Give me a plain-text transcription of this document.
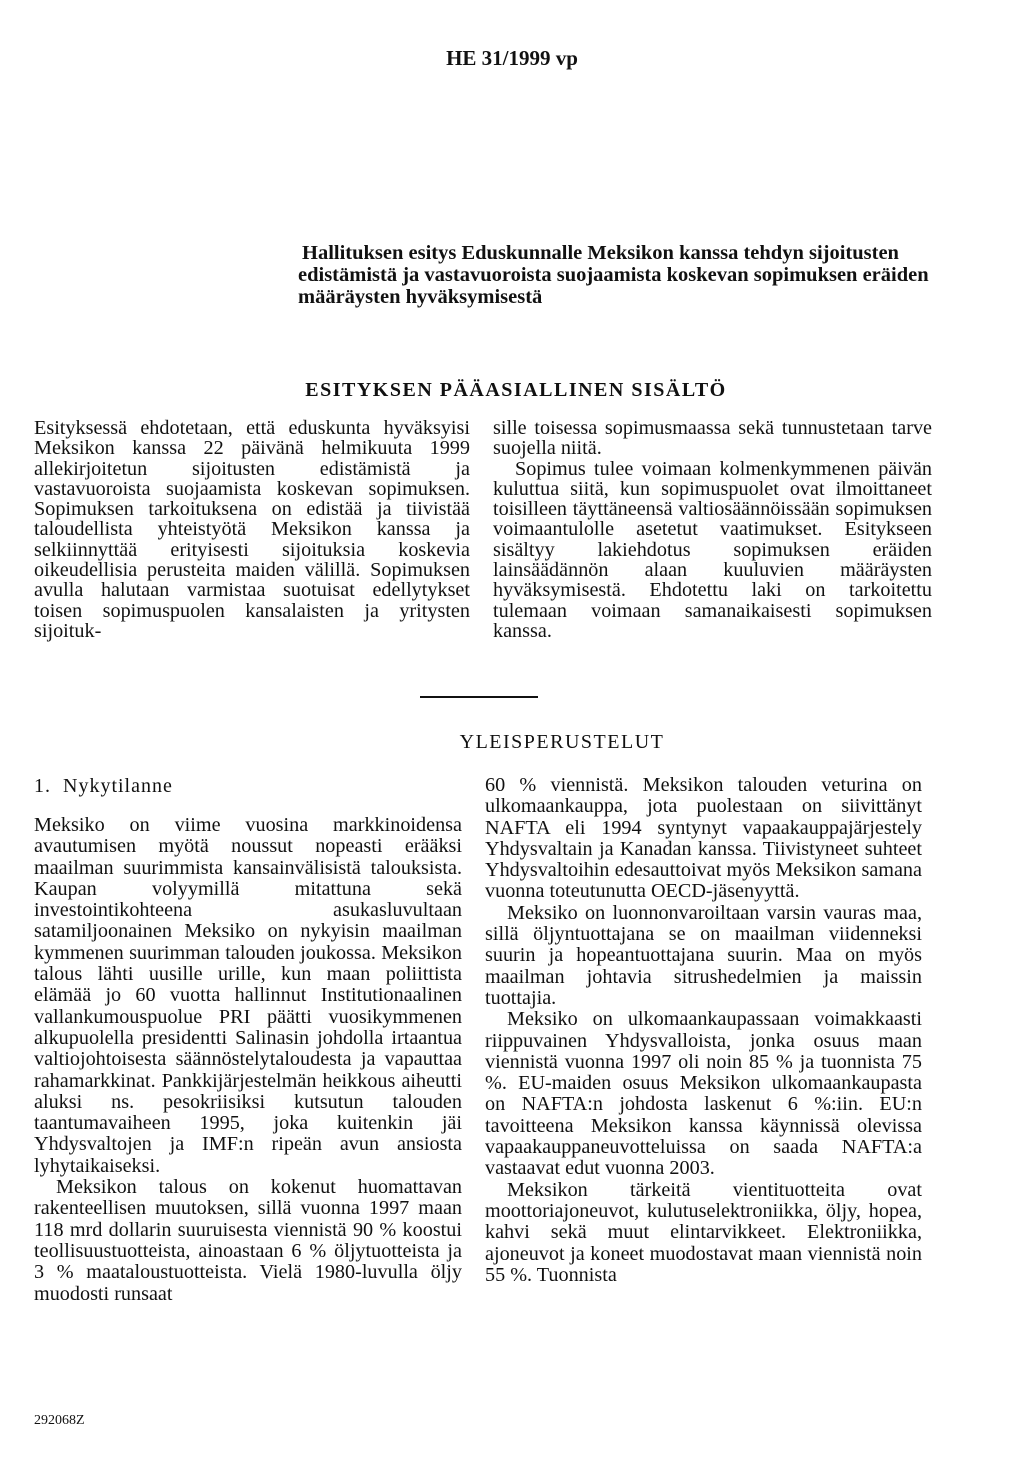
HE 31/1999 vp
Hallituksen esitys Eduskunnalle Meksikon kanssa tehdyn sijoitusten edistämistä ja vastavuoroista suojaamista koskevan sopimuksen eräiden määräysten hyväksymisestä
ESITYKSEN PÄÄASIALLINEN SISÄLTÖ

Esityksessä ehdotetaan, että eduskunta hyväksyisi Meksikon kanssa 22 päivänä helmikuuta 1999 allekirjoitetun sijoitusten edistämistä ja vastavuoroista suojaamista koskevan sopimuksen. Sopimuksen tarkoituksena on edistää ja tiivistää taloudellista yhteistyötä Meksikon kanssa ja selkiinnyttää erityisesti sijoituksia koskevia oikeudellisia perusteita maiden välillä. Sopimuksen avulla halutaan varmistaa suotuisat edellytykset toisen sopimuspuolen kansalaisten ja yritysten sijoituk-

sille toisessa sopimusmaassa sekä tunnustetaan tarve suojella niitä.

Sopimus tulee voimaan kolmenkymmenen päivän kuluttua siitä, kun sopimuspuolet ovat ilmoittaneet toisilleen täyttäneensä valtiosäännöissään sopimuksen voimaantulolle asetetut vaatimukset. Esitykseen sisältyy lakiehdotus sopimuksen eräiden lainsäädännön alaan kuuluvien määräysten hyväksymisestä. Ehdotettu laki on tarkoitettu tulemaan voimaan samanaikaisesti sopimuksen kanssa.

YLEISPERUSTELUT
1. Nykytilanne

Meksiko on viime vuosina markkinoidensa avautumisen myötä noussut nopeasti erääksi maailman suurimmista kansainvälisistä talouksista. Kaupan volyymillä mitattuna sekä investointikohteena asukasluvultaan satamiljoonainen Meksiko on nykyisin maailman kymmenen suurimman talouden joukossa. Meksikon talous lähti uusille urille, kun maan poliittista elämää jo 60 vuotta hallinnut Institutionaalinen vallankumouspuolue PRI päätti vuosikymmenen alkupuolella presidentti Salinasin johdolla irtaantua valtiojohtoisesta säännöstelytaloudesta ja vapauttaa rahamarkkinat. Pankkijärjestelmän heikkous aiheutti aluksi ns. pesokriisiksi kutsutun talouden taantumavaiheen 1995, joka kuitenkin jäi Yhdysvaltojen ja IMF:n ripeän avun ansiosta lyhytaikaiseksi.

Meksikon talous on kokenut huomattavan rakenteellisen muutoksen, sillä vuonna 1997 maan 118 mrd dollarin suuruisesta viennistä 90 % koostui teollisuustuotteista, ainoastaan 6 % öljytuotteista ja 3 % maataloustuotteista. Vielä 1980-luvulla öljy muodosti runsaat

60 % viennistä. Meksikon talouden veturina on ulkomaankauppa, jota puolestaan on siivittänyt NAFTA eli 1994 syntynyt vapaakauppajärjestely Yhdysvaltain ja Kanadan kanssa. Tiivistyneet suhteet Yhdysvaltoihin edesauttoivat myös Meksikon samana vuonna toteutunutta OECD-jäsenyyttä.

Meksiko on luonnonvaroiltaan varsin vauras maa, sillä öljyntuottajana se on maailman viidenneksi suurin ja hopeantuottajana suurin. Maa on myös maailman johtavia sitrushedelmien ja maissin tuottajia.

Meksiko on ulkomaankaupassaan voimakkaasti riippuvainen Yhdysvalloista, jonka osuus maan viennistä vuonna 1997 oli noin 85 % ja tuonnista 75 %. EU-maiden osuus Meksikon ulkomaankaupasta on NAFTA:n johdosta laskenut 6 %:iin. EU:n tavoitteena Meksikon kanssa käynnissä olevissa vapaakauppaneuvotteluissa on saada NAFTA:a vastaavat edut vuonna 2003.

Meksikon tärkeitä vientituotteita ovat moottoriajoneuvot, kulutuselektroniikka, öljy, hopea, kahvi sekä muut elintarvikkeet. Elektroniikka, ajoneuvot ja koneet muodostavat maan viennistä noin 55 %. Tuonnista

292068Z
